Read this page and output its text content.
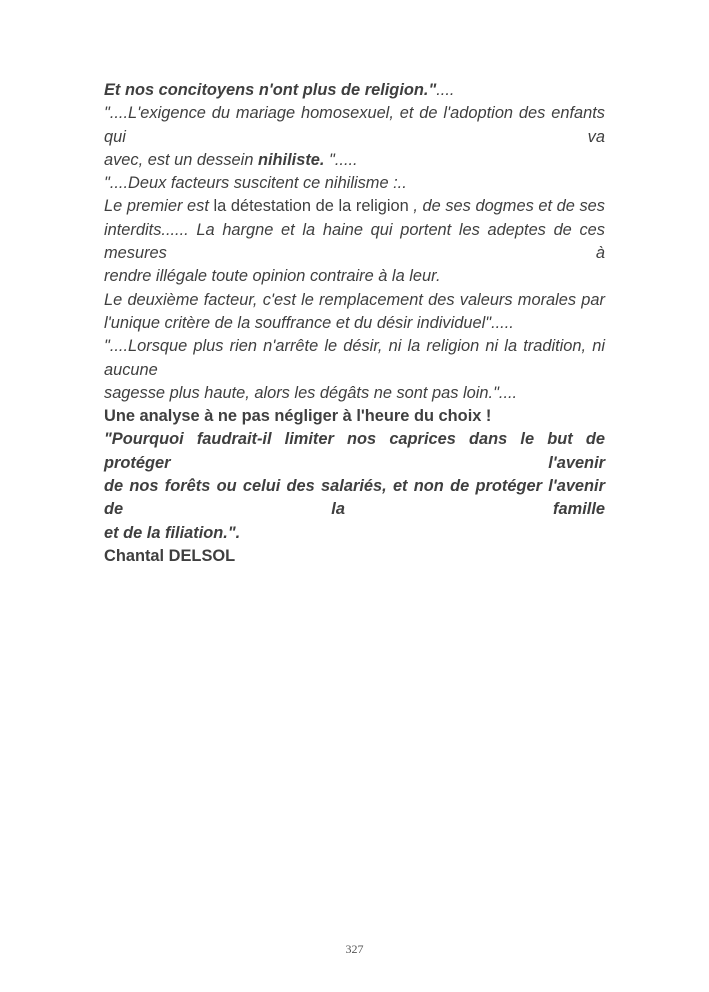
Et nos concitoyens n'ont plus de religion."....
"....L'exigence du mariage homosexuel, et de l'adoption des enfants qui va
avec, est un dessein nihiliste. ".....
"....Deux facteurs suscitent ce nihilisme :..
Le premier est la détestation de la religion , de ses dogmes et de ses
interdits...... La hargne et la haine qui portent les adeptes de ces mesures à
rendre illégale toute opinion contraire à la leur.
Le deuxième facteur, c'est le remplacement des valeurs morales par
l'unique critère de la souffrance et du désir individuel".....
"....Lorsque plus rien n'arrête le désir, ni la religion ni la tradition, ni aucune
sagesse plus haute, alors les dégâts ne sont pas loin."....
Une analyse à ne pas négliger à l'heure du choix !
"Pourquoi faudrait-il limiter nos caprices dans le but de protéger l'avenir
de nos forêts ou celui des salariés, et non de protéger l'avenir de la famille
et de la filiation.".
Chantal DELSOL
327
